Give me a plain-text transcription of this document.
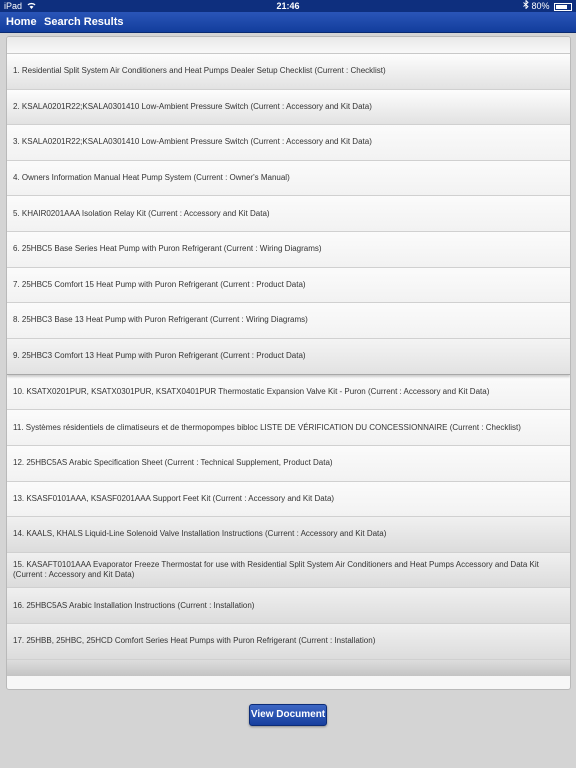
iPad	21:46	80%
Home Search Results
1. Residential Split System Air Conditioners and Heat Pumps Dealer Setup Checklist (Current : Checklist)
2. KSALA0201R22;KSALA0301410 Low-Ambient Pressure Switch (Current : Accessory and Kit Data)
3. KSALA0201R22;KSALA0301410 Low-Ambient Pressure Switch (Current : Accessory and Kit Data)
4. Owners Information Manual Heat Pump System (Current : Owner's Manual)
5. KHAIR0201AAA Isolation Relay Kit (Current : Accessory and Kit Data)
6. 25HBC5 Base Series Heat Pump with Puron Refrigerant (Current : Wiring Diagrams)
7. 25HBC5 Comfort 15 Heat Pump with Puron Refrigerant (Current : Product Data)
8. 25HBC3 Base 13 Heat Pump with Puron Refrigerant (Current : Wiring Diagrams)
9. 25HBC3 Comfort 13 Heat Pump with Puron Refrigerant (Current : Product Data)
10. KSATX0201PUR, KSATX0301PUR, KSATX0401PUR Thermostatic Expansion Valve Kit - Puron (Current : Accessory and Kit Data)
11. Systèmes résidentiels de climatiseurs et de thermopompes bibloc LISTE DE VÉRIFICATION DU CONCESSIONNAIRE (Current : Checklist)
12. 25HBC5AS Arabic Specification Sheet (Current : Technical Supplement, Product Data)
13. KSASF0101AAA, KSASF0201AAA Support Feet Kit (Current : Accessory and Kit Data)
14. KAALS, KHALS Liquid-Line Solenoid Valve Installation Instructions (Current : Accessory and Kit Data)
15. KASAFT0101AAA Evaporator Freeze Thermostat for use with Residential Split System Air Conditioners and Heat Pumps Accessory and Data Kit (Current : Accessory and Kit Data)
16. 25HBC5AS Arabic Installation Instructions (Current : Installation)
17. 25HBB, 25HBC, 25HCD Comfort Series Heat Pumps with Puron Refrigerant (Current : Installation)
View Document
